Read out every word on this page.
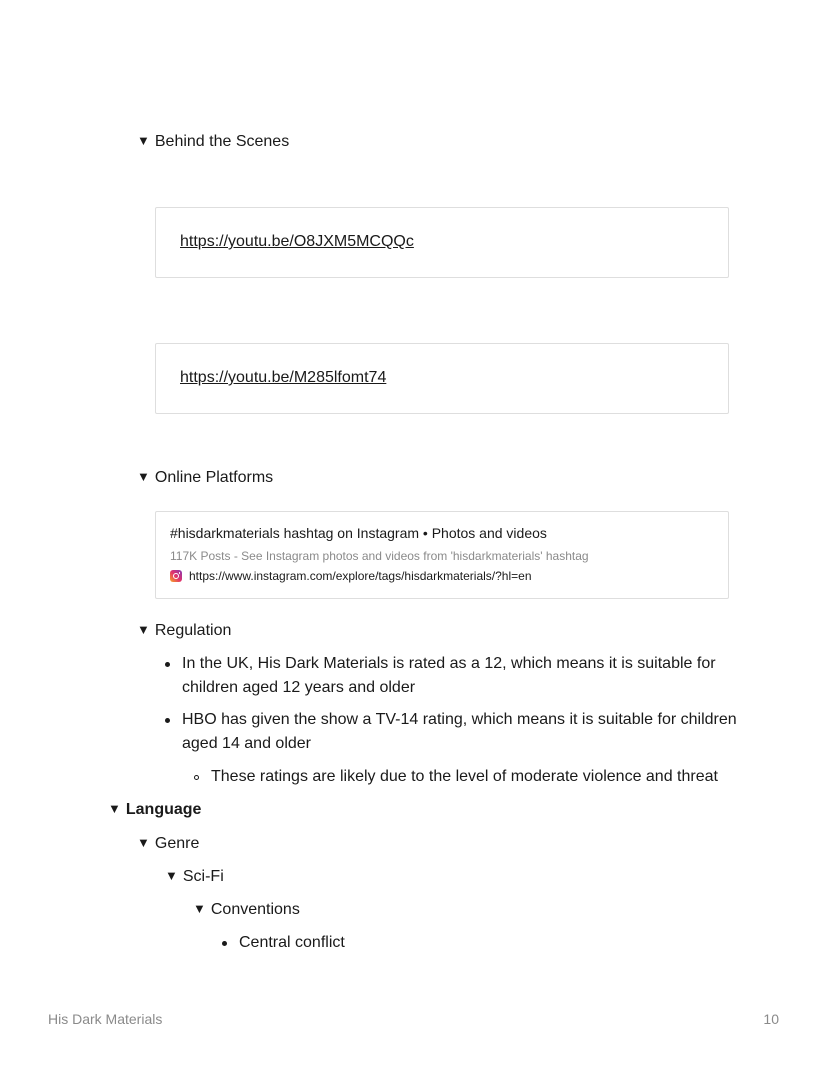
▼ Behind the Scenes
https://youtu.be/O8JXM5MCQQc
https://youtu.be/M285lfomt74
▼ Online Platforms
#hisdarkmaterials hashtag on Instagram • Photos and videos
117K Posts - See Instagram photos and videos from 'hisdarkmaterials' hashtag
https://www.instagram.com/explore/tags/hisdarkmaterials/?hl=en
▼ Regulation
In the UK, His Dark Materials is rated as a 12, which means it is suitable for children aged 12 years and older
HBO has given the show a TV-14 rating, which means it is suitable for children aged 14 and older
These ratings are likely due to the level of moderate violence and threat
▼ Language
▼ Genre
▼ Sci-Fi
▼ Conventions
Central conflict
His Dark Materials	10
